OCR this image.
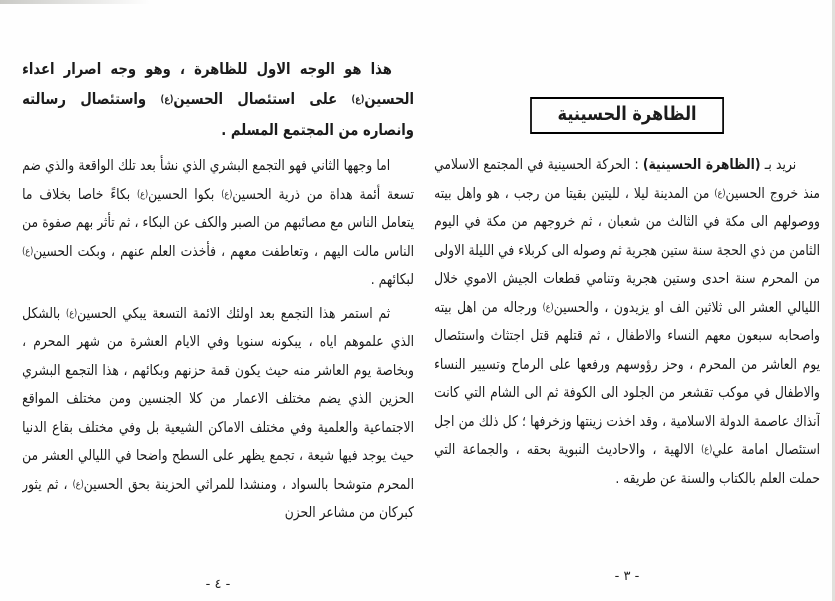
هذا هو الوجه الاول للظاهرة ، وهو وجه اصرار اعداء الحسين(ع) على استئصال الحسين(ع) واستئصال رسالته وانصاره من المجتمع المسلم .

اما وجهها الثاني فهو التجمع البشري الذي نشأ بعد تلك الواقعة والذي ضم تسعة أئمة هداة من ذرية الحسين(ع) بكوا الحسين(ع) بكاءً خاصا بخلاف ما يتعامل الناس مع مصائبهم من الصبر والكف عن البكاء ، ثم تأثر بهم صفوة من الناس مالت اليهم ، وتعاطفت معهم ، فأخذت العلم عنهم ، وبكت الحسين(ع) لبكائهم .

ثم استمر هذا التجمع بعد اولئك الائمة التسعة يبكي الحسين(ع) بالشكل الذي علموهم اياه ، يبكونه سنويا وفي الايام العشرة من شهر المحرم ، وبخاصة يوم العاشر منه حيث يكون قمة حزنهم وبكائهم ، هذا التجمع البشري الحزين الذي يضم مختلف الاعمار من كلا الجنسين ومن مختلف المواقع الاجتماعية والعلمية وفي مختلف الاماكن الشيعية بل وفي مختلف بقاع الدنيا حيث يوجد فيها شيعة ، تجمع يظهر على السطح واضحا في الليالي العشر من المحرم متوشحا بالسواد ، ومنشدا للمراثي الحزينة بحق الحسين(ع) ، ثم يثور كبركان من مشاعر الحزن

- ٤ -
الظاهرة الحسينية

نريد بـ (الظاهرة الحسينية) : الحركة الحسينية في المجتمع الاسلامي منذ خروج الحسين(ع) من المدينة ليلا ، لليتين بقيتا من رجب ، هو واهل بيته ووصولهم الى مكة في الثالث من شعبان ، ثم خروجهم من مكة في اليوم الثامن من ذي الحجة سنة ستين هجرية ثم وصوله الى كربلاء في الليلة الاولى من المحرم سنة احدى وستين هجرية وتنامي قطعات الجيش الاموي خلال الليالي العشر الى ثلاثين الف او يزيدون ، والحسين(ع) ورجاله من اهل بيته واصحابه سبعون معهم النساء والاطفال ، ثم قتلهم قتل اجتثاث واستئصال يوم العاشر من المحرم ، وحز رؤوسهم ورفعها على الرماح وتسيير النساء والاطفال في موكب تقشعر من الجلود الى الكوفة ثم الى الشام التي كانت آنذاك عاصمة الدولة الاسلامية ، وقد اخذت زينتها وزخرفها ؛ كل ذلك من اجل استئصال امامة علي(ع) الالهية ، والاحاديث النبوية بحقه ، والجماعة التي حملت العلم بالكتاب والسنة عن طريقه .

- ٣ -
